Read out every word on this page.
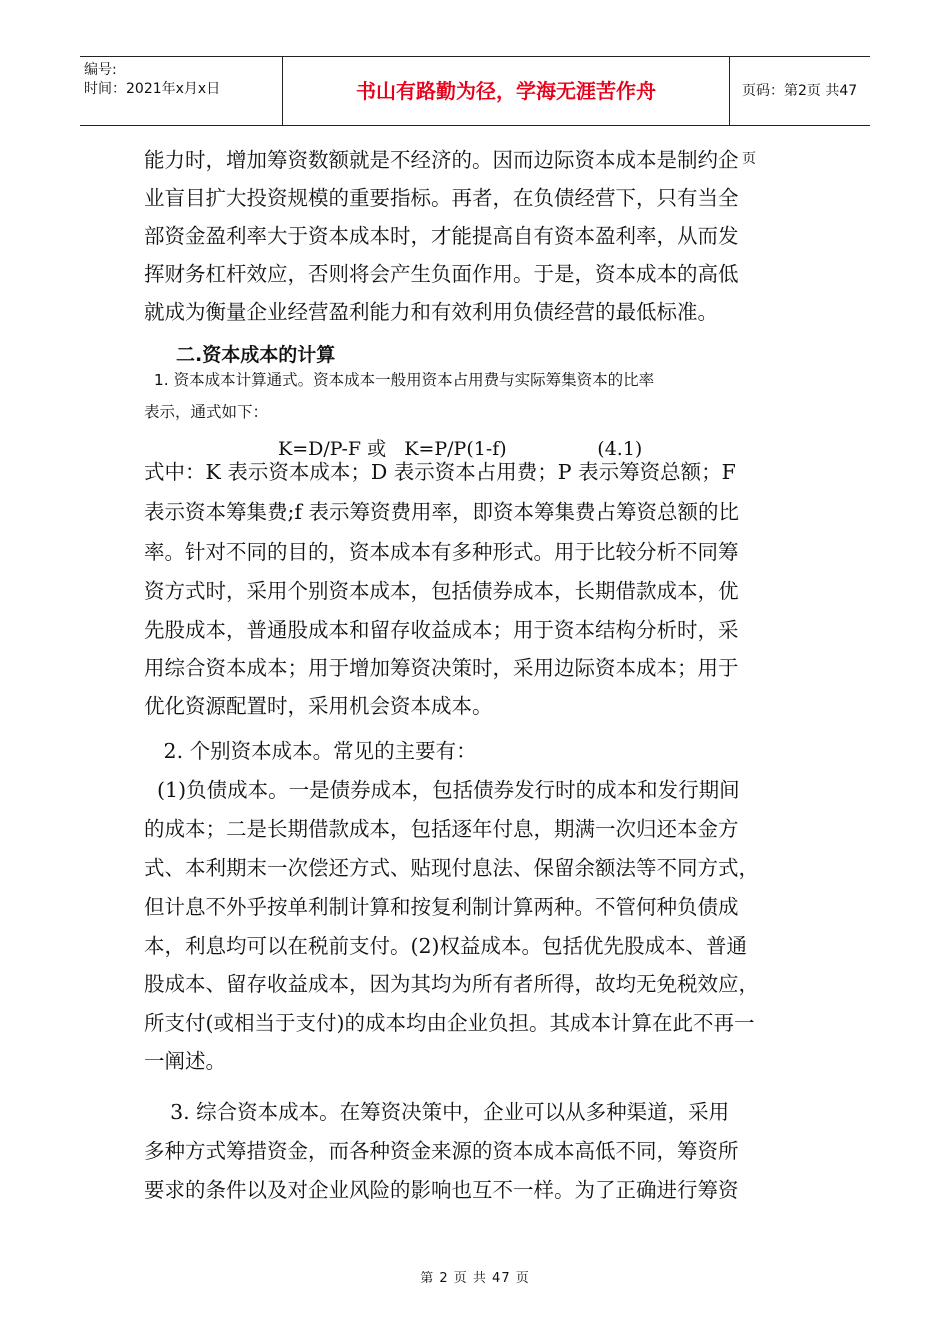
编号:
时间：2021年x月x日	书山有路勤为径，学海无涯苦作舟	页码：第2页 共47页
能力时，增加筹资数额就是不经济的。因而边际资本成本是制约企
业盲目扩大投资规模的重要指标。再者，在负债经营下，只有当全
部资金盈利率大于资本成本时，才能提高自有资本盈利率，从而发
挥财务杠杆效应，否则将会产生负面作用。于是，资本成本的高低
就成为衡量企业经营盈利能力和有效利用负债经营的最低标准。
二.资本成本的计算
1. 资本成本计算通式。资本成本一般用资本占用费与实际筹集资本的比率
表示，通式如下：
K=D/P-F 或   K=P/P(1-f)               (4.1)
式中：K 表示资本成本；D 表示资本占用费；P 表示筹资总额；F
表示资本筹集费;f 表示筹资费用率，即资本筹集费占筹资总额的比
率。针对不同的目的，资本成本有多种形式。用于比较分析不同筹
资方式时，采用个别资本成本，包括债券成本，长期借款成本，优
先股成本，普通股成本和留存收益成本；用于资本结构分析时，采
用综合资本成本；用于增加筹资决策时，采用边际资本成本；用于
优化资源配置时，采用机会资本成本。
2. 个别资本成本。常见的主要有：
(1)负债成本。一是债券成本，包括债券发行时的成本和发行期间
的成本；二是长期借款成本，包括逐年付息，期满一次归还本金方
式、本利期末一次偿还方式、贴现付息法、保留余额法等不同方式，
但计息不外乎按单利制计算和按复利制计算两种。不管何种负债成
本，利息均可以在税前支付。(2)权益成本。包括优先股成本、普通
股成本、留存收益成本，因为其均为所有者所得，故均无免税效应，
所支付(或相当于支付)的成本均由企业负担。其成本计算在此不再一
一阐述。
3. 综合资本成本。在筹资决策中，企业可以从多种渠道，采用
多种方式筹措资金，而各种资金来源的资本成本高低不同，筹资所
要求的条件以及对企业风险的影响也互不一样。为了正确进行筹资
第 2 页 共 47 页
